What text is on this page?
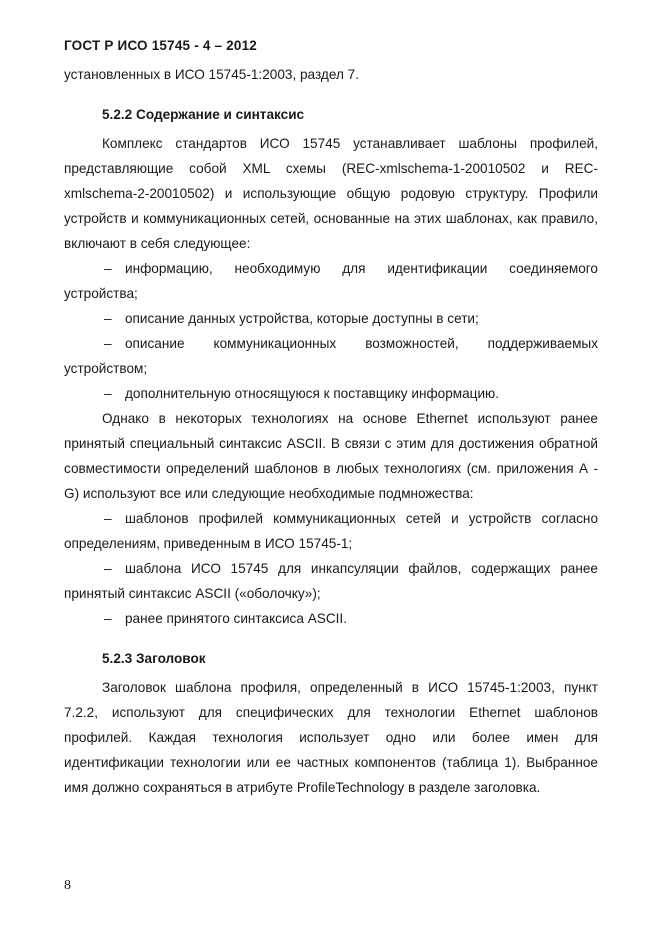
ГОСТ Р ИСО 15745 - 4 – 2012

установленных в ИСО 15745-1:2003, раздел 7.

5.2.2 Содержание и синтаксис

Комплекс стандартов ИСО 15745 устанавливает шаблоны профилей, представляющие собой XML схемы (REC-xmlschema-1-20010502 и REC-xmlschema-2-20010502) и использующие общую родовую структуру. Профили устройств и коммуникационных сетей, основанные на этих шаблонах, как правило, включают в себя следующее:

– информацию, необходимую для идентификации соединяемого устройства;

– описание данных устройства, которые доступны в сети;

– описание коммуникационных возможностей, поддерживаемых устройством;

– дополнительную относящуюся к поставщику информацию.

Однако в некоторых технологиях на основе Ethernet используют ранее принятый специальный синтаксис ASCII. В связи с этим для достижения обратной совместимости определений шаблонов в любых технологиях (см. приложения А - G) используют все или следующие необходимые подмножества:

– шаблонов профилей коммуникационных сетей и устройств согласно определениям, приведенным в ИСО 15745-1;

– шаблона ИСО 15745 для инкапсуляции файлов, содержащих ранее принятый синтаксис ASCII («оболочку»);

– ранее принятого синтаксиса ASCII.

5.2.3 Заголовок

Заголовок шаблона профиля, определенный в ИСО 15745-1:2003, пункт 7.2.2, используют для специфических для технологии Ethernet шаблонов профилей. Каждая технология использует одно или более имен для идентификации технологии или ее частных компонентов (таблица 1). Выбранное имя должно сохраняться в атрибуте ProfileTechnology в разделе заголовка.

8
